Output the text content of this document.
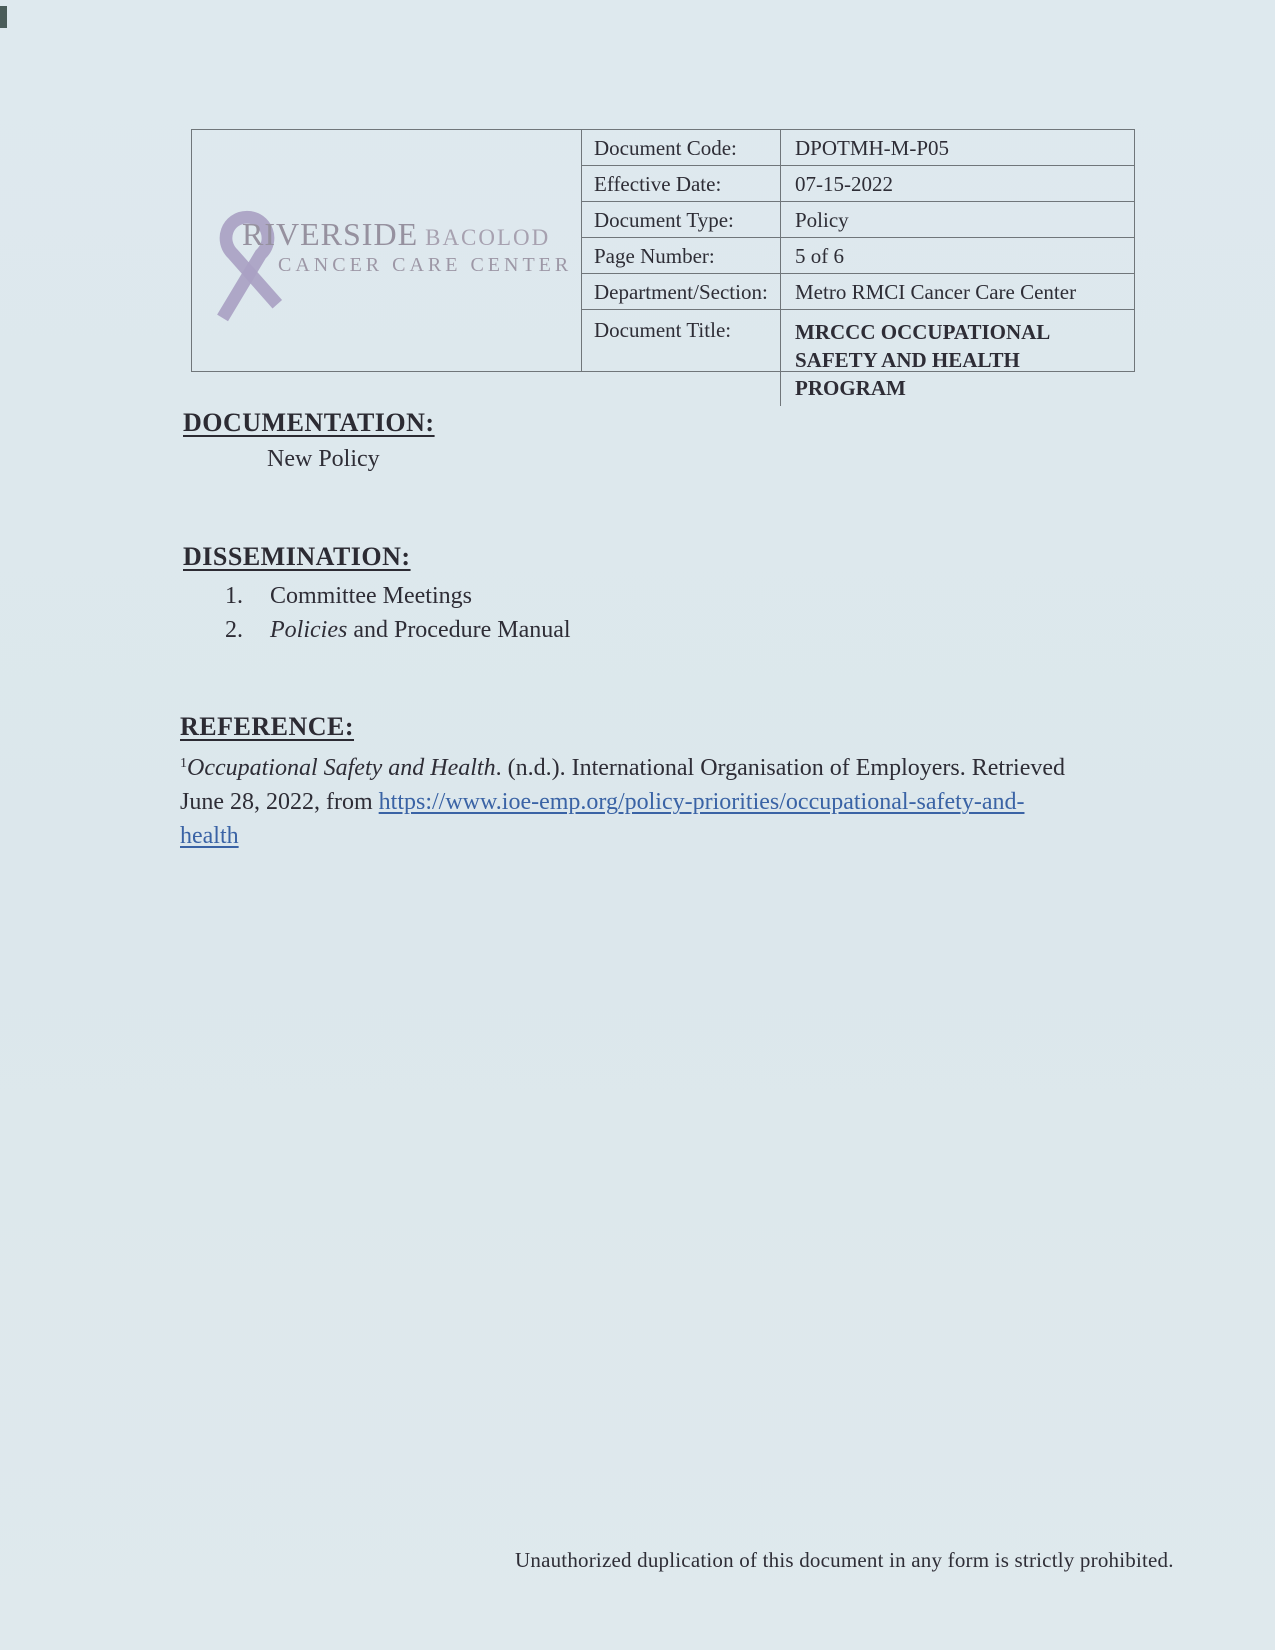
RIVERSIDE BACOLOD
CANCER CARE CENTER
Document Code:	DPOTMH-M-P05
Effective Date:	07-15-2022
Document Type:	Policy
Page Number:	5 of 6
Department/Section:	Metro RMCI Cancer Care Center
Document Title:	MRCCC OCCUPATIONAL SAFETY AND HEALTH PROGRAM
DOCUMENTATION:

New Policy

DISSEMINATION:
1.	Committee Meetings
2.	Policies and Procedure Manual
REFERENCE:

$^1$Occupational Safety and Health. (n.d.). International Organisation of Employers. Retrieved
June 28, 2022, from https://www.ioe-emp.org/policy-priorities/occupational-safety-and-
health

Unauthorized duplication of this document in any form is strictly prohibited.
